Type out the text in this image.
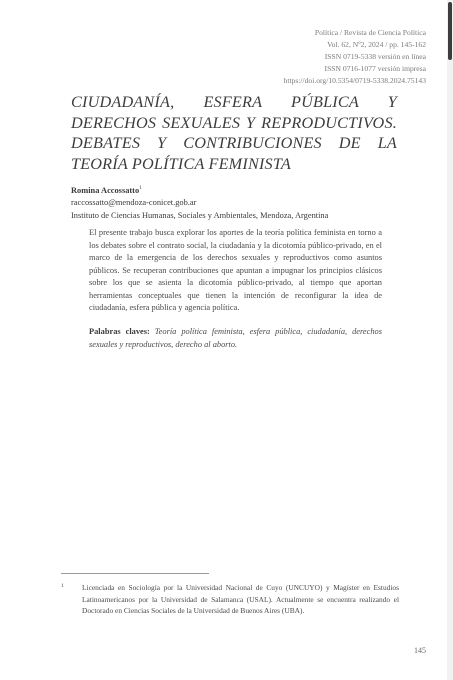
Política / Revista de Ciencia Política
Vol. 62, Nº2, 2024 / pp. 145-162
ISSN 0719-5338 versión en línea
ISSN 0716-1077 versión impresa
https://doi.org/10.5354/0719-5338.2024.75143
CIUDADANÍA, ESFERA PÚBLICA Y DERECHOS SEXUALES Y REPRODUCTIVOS. DEBATES Y CONTRIBUCIONES DE LA TEORÍA POLÍTICA FEMINISTA
Romina Accossatto$^1$
raccossatto@mendoza-conicet.gob.ar
Instituto de Ciencias Humanas, Sociales y Ambientales, Mendoza, Argentina

El presente trabajo busca explorar los aportes de la teoría política feminista en torno a los debates sobre el contrato social, la ciudadanía y la dicotomía público-privado, en el marco de la emergencia de los derechos sexuales y reproductivos como asuntos públicos. Se recuperan contribuciones que apuntan a impugnar los principios clásicos sobre los que se asienta la dicotomía público-privado, al tiempo que aportan herramientas conceptuales que tienen la intención de reconfigurar la idea de ciudadanía, esfera pública y agencia política.

Palabras claves: Teoría política feminista, esfera pública, ciudadanía, derechos sexuales y reproductivos, derecho al aborto.
1	Licenciada en Sociología por la Universidad Nacional de Cuyo (UNCUYO) y Magíster en Estudios Latinoamericanos por la Universidad de Salamanca (USAL). Actualmente se encuentra realizando el Doctorado en Ciencias Sociales de la Universidad de Buenos Aires (UBA).
145
